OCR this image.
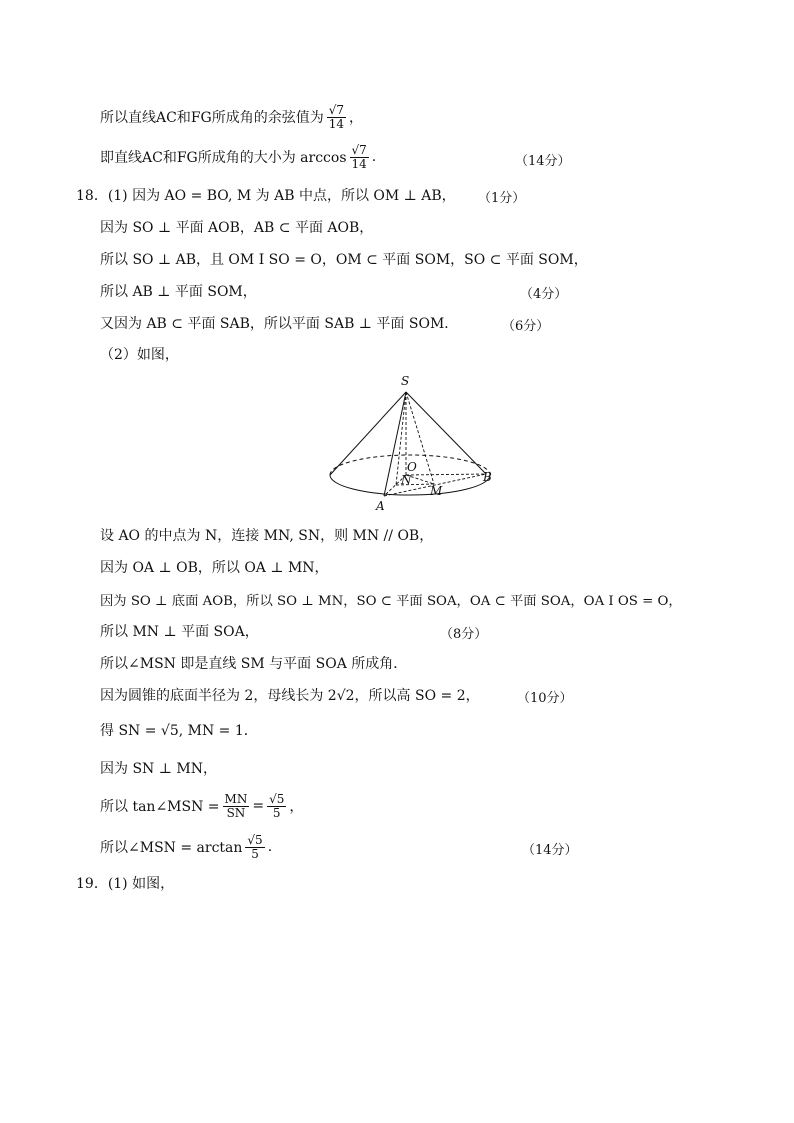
所以直线AC和FG所成角的余弦值为 $\frac{√7}{14}$ ，
即直线AC和FG所成角的大小为 $\arccos \frac{√7}{14}$ .	（14分）
18．(1) 因为 AO = BO, M 为 AB 中点，所以 OM ⊥ AB， （1分）
因为 SO ⊥ 平面 AOB，AB ⊂ 平面 AOB，
所以 SO ⊥ AB，且 OM I SO = O，OM ⊂ 平面 SOM，SO ⊂ 平面 SOM，
所以 AB ⊥ 平面 SOM，	（4分）
又因为 AB ⊂ 平面 SAB，所以平面 SAB ⊥ 平面 SOM．	（6分）
（2）如图，
S
O
N
M
A
B
设 AO 的中点为 N，连接 MN, SN，则 MN // OB，
因为 OA ⊥ OB，所以 OA ⊥ MN，
因为 SO ⊥ 底面 AOB，所以 SO ⊥ MN，SO ⊂ 平面 SOA，OA ⊂ 平面 SOA，OA I OS = O，
所以 MN ⊥ 平面 SOA，	（8分）
所以∠MSN 即是直线 SM 与平面 SOA 所成角．
因为圆锥的底面半径为 2，母线长为 2√2，所以高 SO = 2，	（10分）
得 SN = √5, MN = 1．
因为 SN ⊥ MN，
所以 tan∠MSN = $\frac{MN}{SN} = \frac{√5}{5}$ ，
所以∠MSN = $\arctan \frac{√5}{5}$ .	（14分）
19．(1) 如图，
